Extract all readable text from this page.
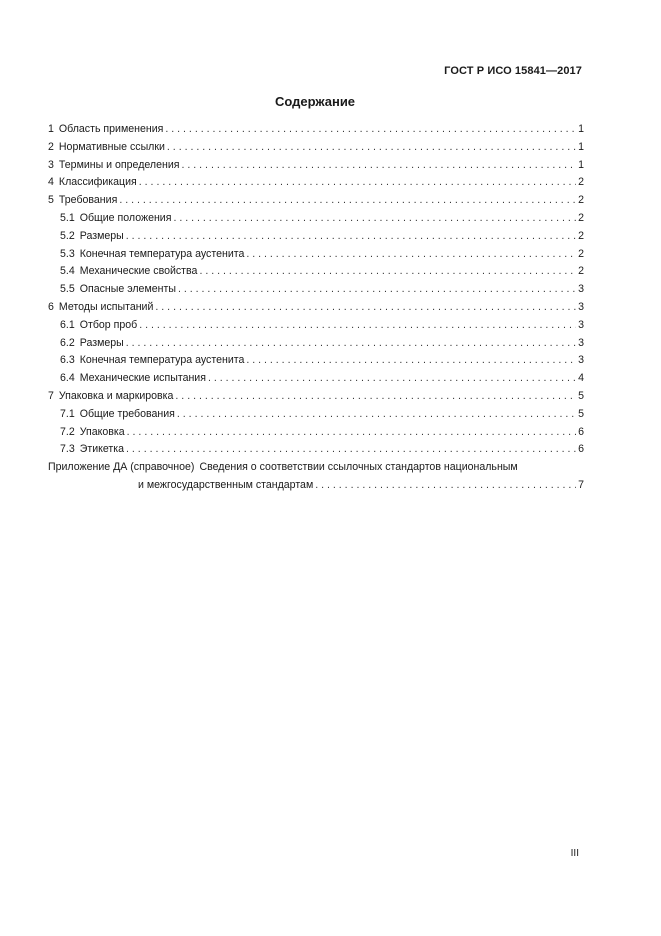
ГОСТ Р ИСО 15841—2017
Содержание
1 Область применения . . .	1
2 Нормативные ссылки . . .	1
3 Термины и определения . . .	1
4 Классификация . . .	2
5 Требования . . .	2
5.1 Общие положения . . .	2
5.2 Размеры . . .	2
5.3 Конечная температура аустенита . . .	2
5.4 Механические свойства . . .	2
5.5 Опасные элементы . . .	3
6 Методы испытаний . . .	3
6.1 Отбор проб . . .	3
6.2 Размеры . . .	3
6.3 Конечная температура аустенита . . .	3
6.4 Механические испытания . . .	4
7 Упаковка и маркировка . . .	5
7.1 Общие требования . . .	5
7.2 Упаковка . . .	6
7.3 Этикетка . . .	6
Приложение ДА (справочное) Сведения о соответствии ссылочных стандартов национальным
и межгосударственным стандартам . . .	7
III
